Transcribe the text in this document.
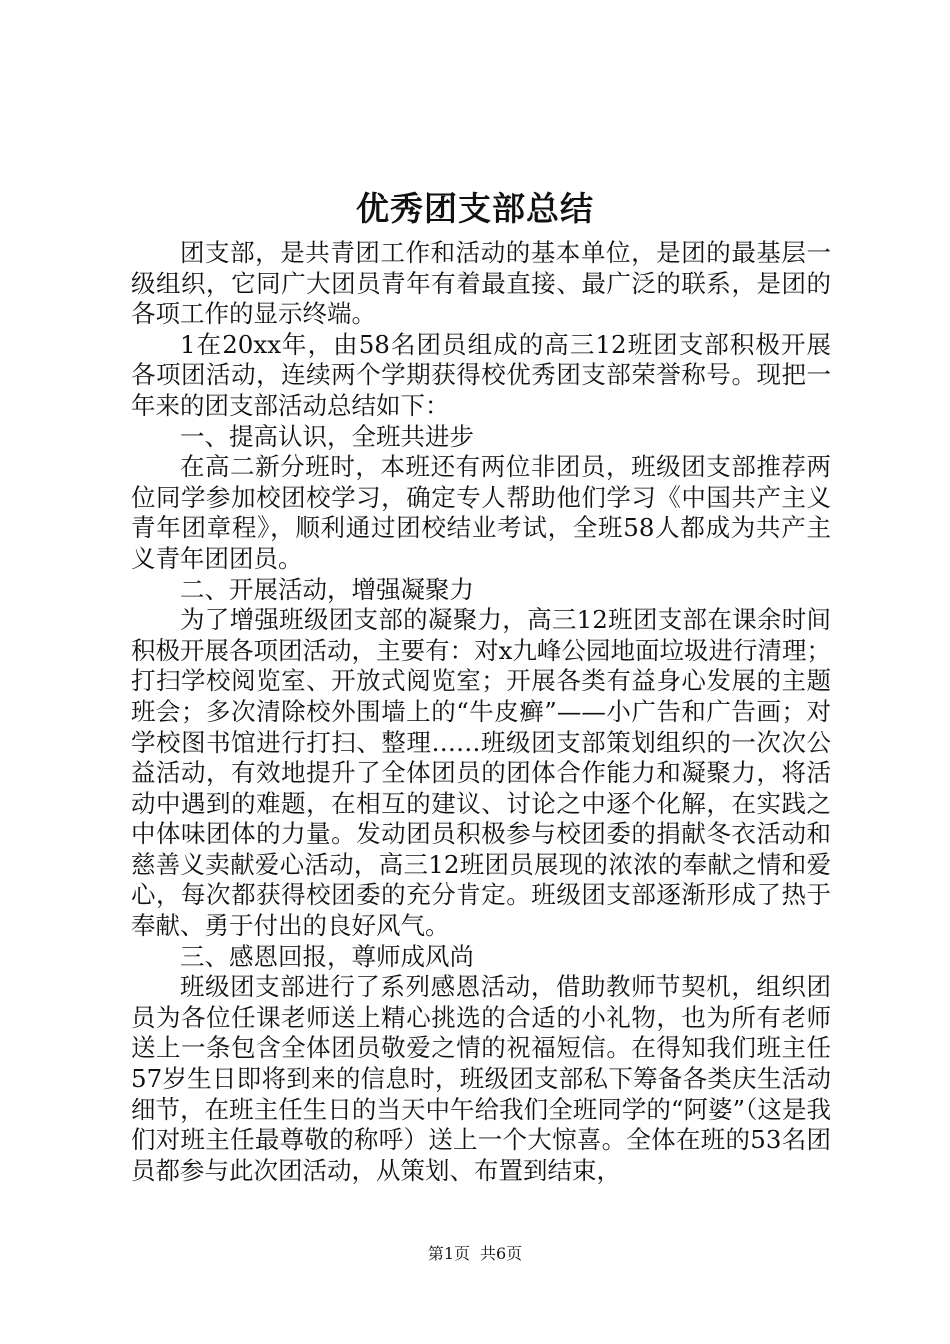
优秀团支部总结

团支部，是共青团工作和活动的基本单位，是团的最基层一级组织，它同广大团员青年有着最直接、最广泛的联系，是团的各项工作的显示终端。

1在20xx年，由58名团员组成的高三12班团支部积极开展各项团活动，连续两个学期获得校优秀团支部荣誉称号。现把一年来的团支部活动总结如下：

一、提高认识，全班共进步

在高二新分班时，本班还有两位非团员，班级团支部推荐两位同学参加校团校学习，确定专人帮助他们学习《中国共产主义青年团章程》，顺利通过团校结业考试，全班58人都成为共产主义青年团团员。

二、开展活动，增强凝聚力

为了增强班级团支部的凝聚力，高三12班团支部在课余时间积极开展各项团活动，主要有：对x九峰公园地面垃圾进行清理；打扫学校阅览室、开放式阅览室；开展各类有益身心发展的主题班会；多次清除校外围墙上的“牛皮癣”——小广告和广告画；对学校图书馆进行打扫、整理……班级团支部策划组织的一次次公益活动，有效地提升了全体团员的团体合作能力和凝聚力，将活动中遇到的难题，在相互的建议、讨论之中逐个化解，在实践之中体味团体的力量。发动团员积极参与校团委的捐献冬衣活动和慈善义卖献爱心活动，高三12班团员展现的浓浓的奉献之情和爱心，每次都获得校团委的充分肯定。班级团支部逐渐形成了热于奉献、勇于付出的良好风气。

三、感恩回报，尊师成风尚

班级团支部进行了系列感恩活动，借助教师节契机，组织团员为各位任课老师送上精心挑选的合适的小礼物，也为所有老师送上一条包含全体团员敬爱之情的祝福短信。在得知我们班主任57岁生日即将到来的信息时，班级团支部私下筹备各类庆生活动细节，在班主任生日的当天中午给我们全班同学的“阿婆”（这是我们对班主任最尊敬的称呼）送上一个大惊喜。全体在班的53名团员都参与此次团活动，从策划、布置到结束，

第1页 共6页
